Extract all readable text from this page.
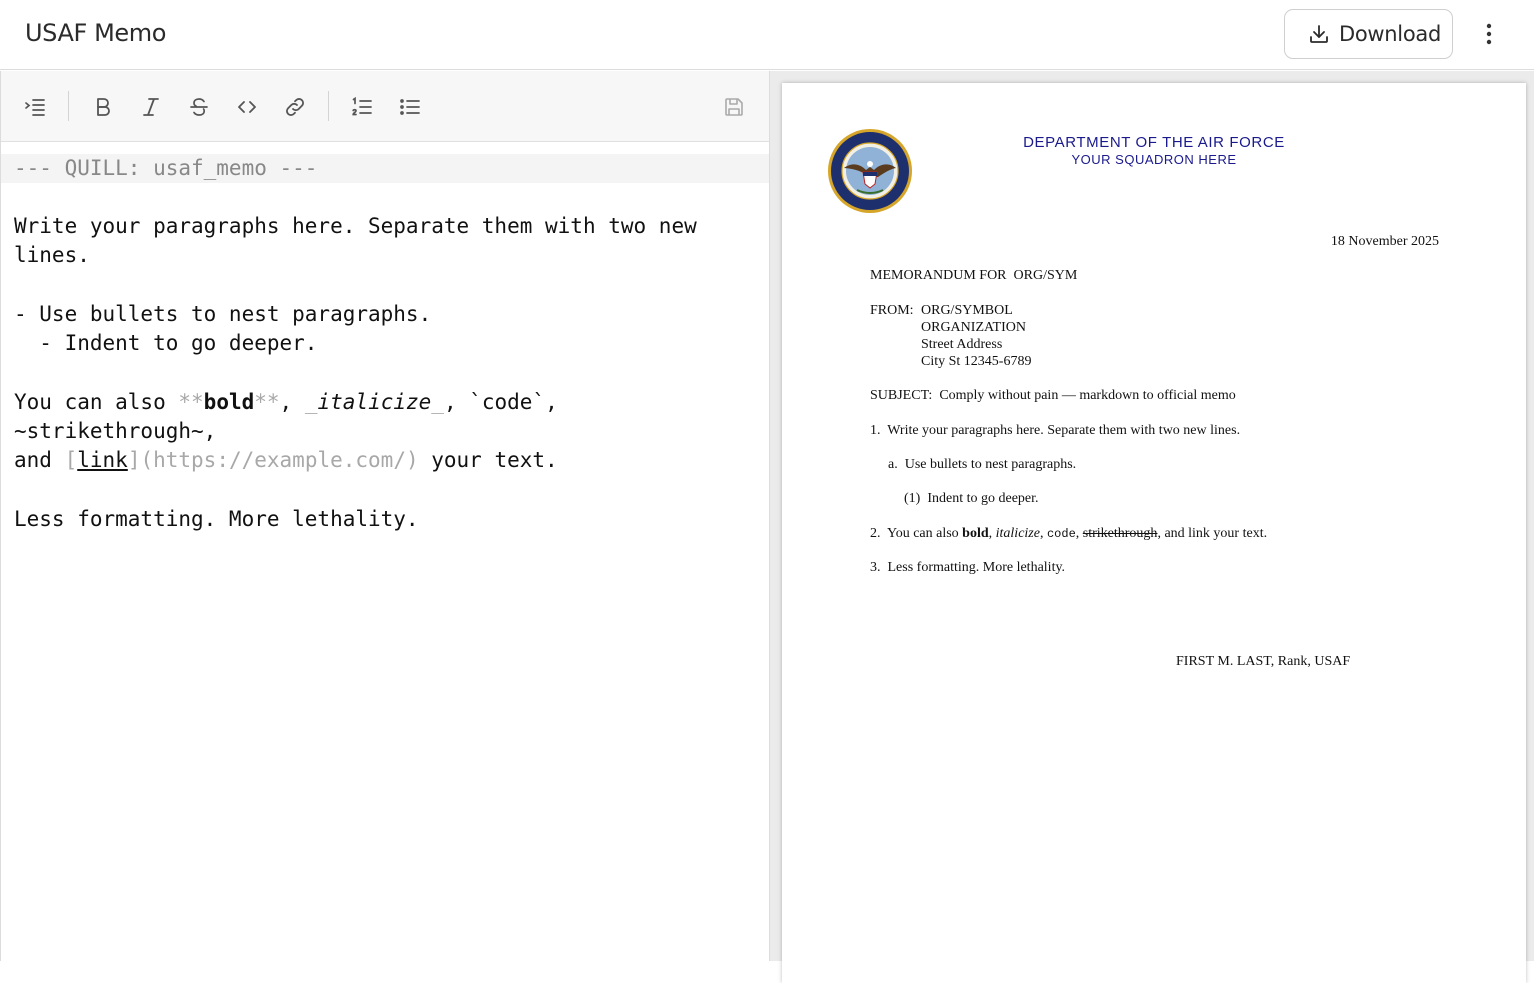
USAF Memo	Download
--- QUILL: usaf_memo ---
Write your paragraphs here. Separate them with two new
lines.
- Use bullets to nest paragraphs.
- Indent to go deeper.
You can also **bold**, _italicize_, `code`,
~strikethrough~,
and [link](https://example.com/) your text.
Less formatting. More lethality.
DEPARTMENT OF THE AIR FORCE
YOUR SQUADRON HERE
18 November 2025
MEMORANDUM FOR  ORG/SYM
FROM: ORG/SYMBOL
ORGANIZATION
Street Address
City St 12345-6789
SUBJECT:  Comply without pain — markdown to official memo
1.  Write your paragraphs here. Separate them with two new lines.
a.  Use bullets to nest paragraphs.
(1)  Indent to go deeper.
2.  You can also bold, italicize, code, strikethrough, and link your text.
3.  Less formatting. More lethality.
FIRST M. LAST, Rank, USAF
